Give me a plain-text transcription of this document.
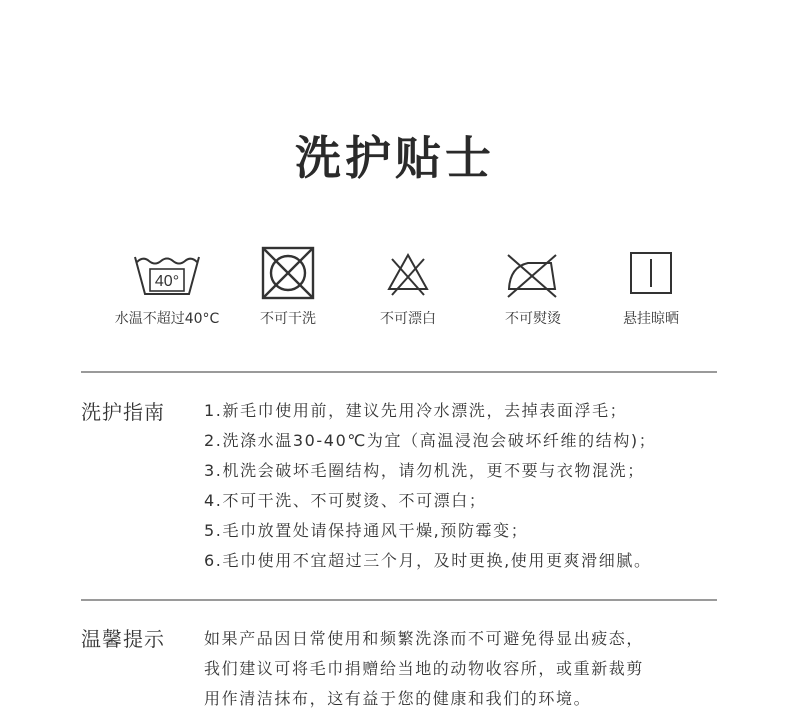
洗护贴士
40°
水温不超过40°C	不可干洗	不可漂白	不可熨烫	悬挂晾晒
洗护指南 1.新毛巾使用前，建议先用冷水漂洗，去掉表面浮毛；
2.洗涤水温30-40℃为宜（高温浸泡会破坏纤维的结构)；
3.机洗会破坏毛圈结构，请勿机洗，更不要与衣物混洗；
4.不可干洗、不可熨烫、不可漂白；
5.毛巾放置处请保持通风干燥,预防霉变；
6.毛巾使用不宜超过三个月，及时更换,使用更爽滑细腻。
温馨提示 如果产品因日常使用和频繁洗涤而不可避免得显出疲态，
我们建议可将毛巾捐赠给当地的动物收容所，或重新裁剪
用作清洁抹布，这有益于您的健康和我们的环境。
